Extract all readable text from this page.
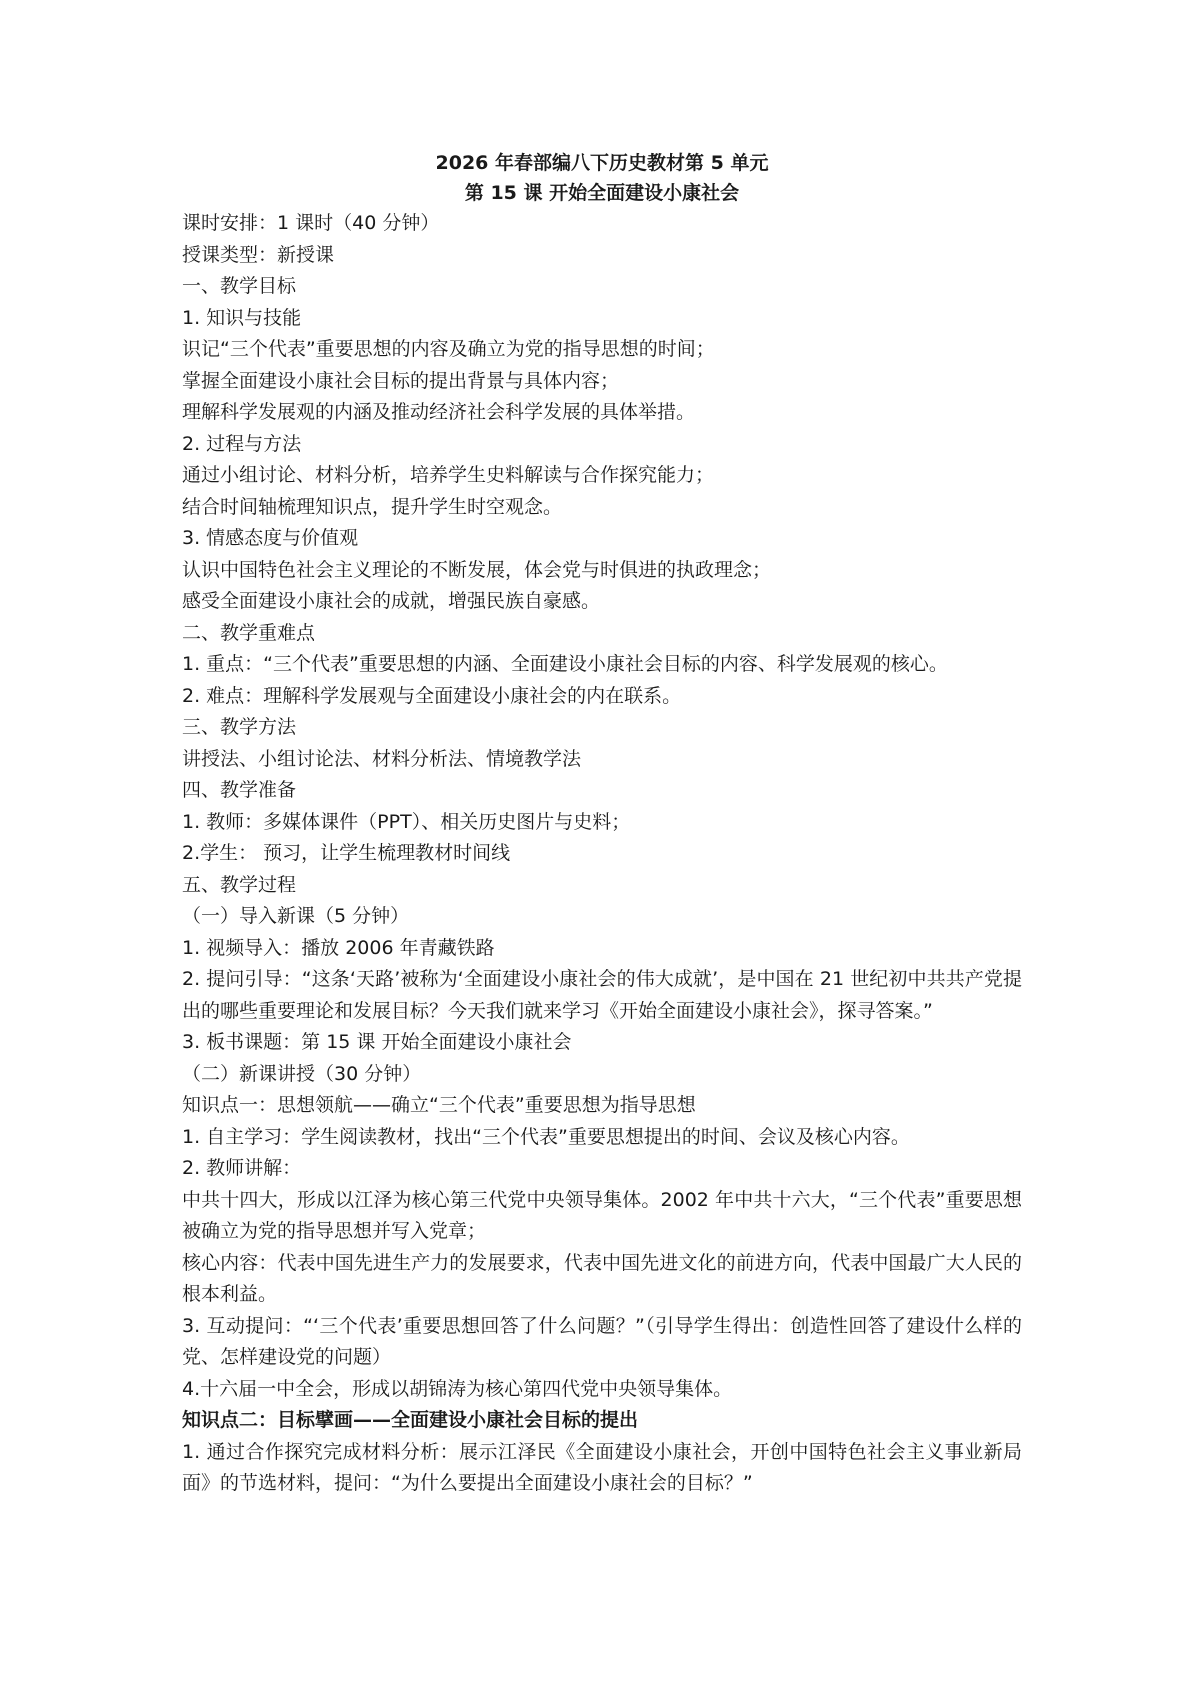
2026 年春部编八下历史教材第 5 单元

第 15 课 开始全面建设小康社会

课时安排：1 课时（40 分钟）

授课类型：新授课

一、教学目标

1. 知识与技能

识记“三个代表”重要思想的内容及确立为党的指导思想的时间；

掌握全面建设小康社会目标的提出背景与具体内容；

理解科学发展观的内涵及推动经济社会科学发展的具体举措。

2. 过程与方法

通过小组讨论、材料分析，培养学生史料解读与合作探究能力；

结合时间轴梳理知识点，提升学生时空观念。

3. 情感态度与价值观

认识中国特色社会主义理论的不断发展，体会党与时俱进的执政理念；

感受全面建设小康社会的成就，增强民族自豪感。

二、教学重难点

1. 重点：“三个代表”重要思想的内涵、全面建设小康社会目标的内容、科学发展观的核心。

2. 难点：理解科学发展观与全面建设小康社会的内在联系。

三、教学方法

讲授法、小组讨论法、材料分析法、情境教学法

四、教学准备

1. 教师：多媒体课件（PPT）、相关历史图片与史料；

2.学生： 预习，让学生梳理教材时间线

五、教学过程

（一）导入新课（5 分钟）

1. 视频导入：播放 2006 年青藏铁路

2. 提问引导：“这条‘天路’被称为‘全面建设小康社会的伟大成就’，是中国在 21 世纪初中共共产党提出的哪些重要理论和发展目标？今天我们就来学习《开始全面建设小康社会》，探寻答案。”

3. 板书课题：第 15 课 开始全面建设小康社会

（二）新课讲授（30 分钟）

知识点一：思想领航——确立“三个代表”重要思想为指导思想

1. 自主学习：学生阅读教材，找出“三个代表”重要思想提出的时间、会议及核心内容。

2. 教师讲解：

中共十四大，形成以江泽为核心第三代党中央领导集体。2002 年中共十六大，“三个代表”重要思想被确立为党的指导思想并写入党章；

核心内容：代表中国先进生产力的发展要求，代表中国先进文化的前进方向，代表中国最广大人民的根本利益。

3. 互动提问：“‘三个代表’重要思想回答了什么问题？”（引导学生得出：创造性回答了建设什么样的党、怎样建设党的问题）

4.十六届一中全会，形成以胡锦涛为核心第四代党中央领导集体。

知识点二：目标擘画——全面建设小康社会目标的提出

1. 通过合作探究完成材料分析：展示江泽民《全面建设小康社会，开创中国特色社会主义事业新局面》的节选材料，提问：“为什么要提出全面建设小康社会的目标？”
